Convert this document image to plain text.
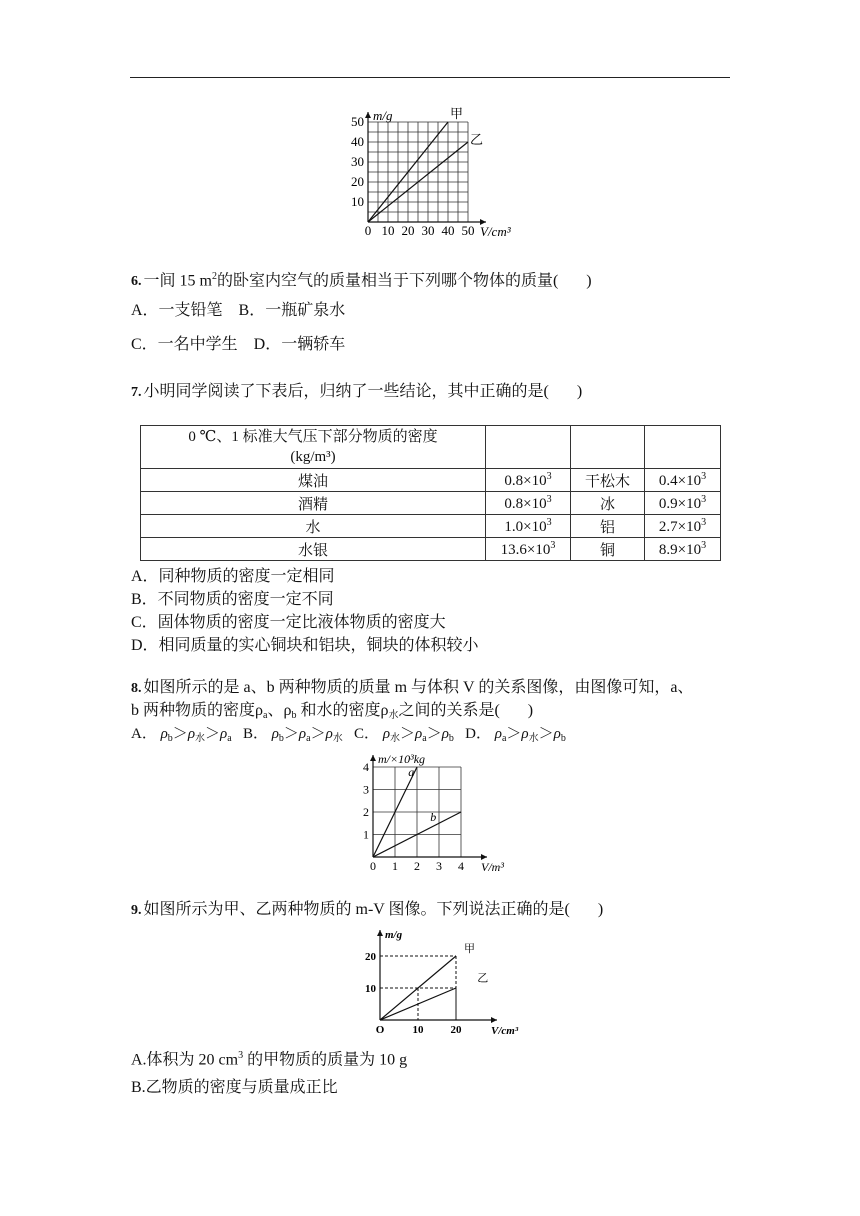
0 10 20 30 40 50
10
20
30
40
50 m/g
V/cm³
甲
乙
6. 一间 15 $m^2$的卧室内空气的质量相当于下列哪个物体的质量( )
A．一支铅笔　B．一瓶矿泉水
C．一名中学生　D．一辆轿车
7. 小明同学阅读了下表后，归纳了一些结论，其中正确的是( )
0 ℃、1 标准大气压下部分物质的密度
(kg/m³)			
煤油	$0.8\times 10^3$	干松木	$0.4\times 10^3$
酒精	$0.8\times 10^3$	冰	$0.9\times 10^3$
水	$1.0\times 10^3$	铝	$2.7\times 10^3$
水银	$13.6\times 10^3$	铜	$8.9\times 10^3$
A．同种物质的密度一定相同
B．不同物质的密度一定不同
C．固体物质的密度一定比液体物质的密度大
D．相同质量的实心铜块和铝块，铜块的体积较小
8. 如图所示的是 a、b 两种物质的质量 m 与体积 V 的关系图像，由图像可知，a、
b 两种物质的密度$\rho_a$、$\rho_b$ 和水的密度$\rho_水$之间的关系是( )
A． $\rho_b>\rho_水>\rho_a$ B． $\rho_b>\rho_a>\rho_水$ C． $\rho_水>\rho_a>\rho_b$ D． $\rho_a>\rho_水>\rho_b$
0 1 2 3 4
1
2
3
4
m/×10³kg
V/m³
a
b
9. 如图所示为甲、乙两种物质的 m-V 图像。下列说法正确的是( )
O	10 20
10
20
m/g
V/cm³
甲
乙
A.体积为 20 $cm^3$ 的甲物质的质量为 10 g
B.乙物质的密度与质量成正比
